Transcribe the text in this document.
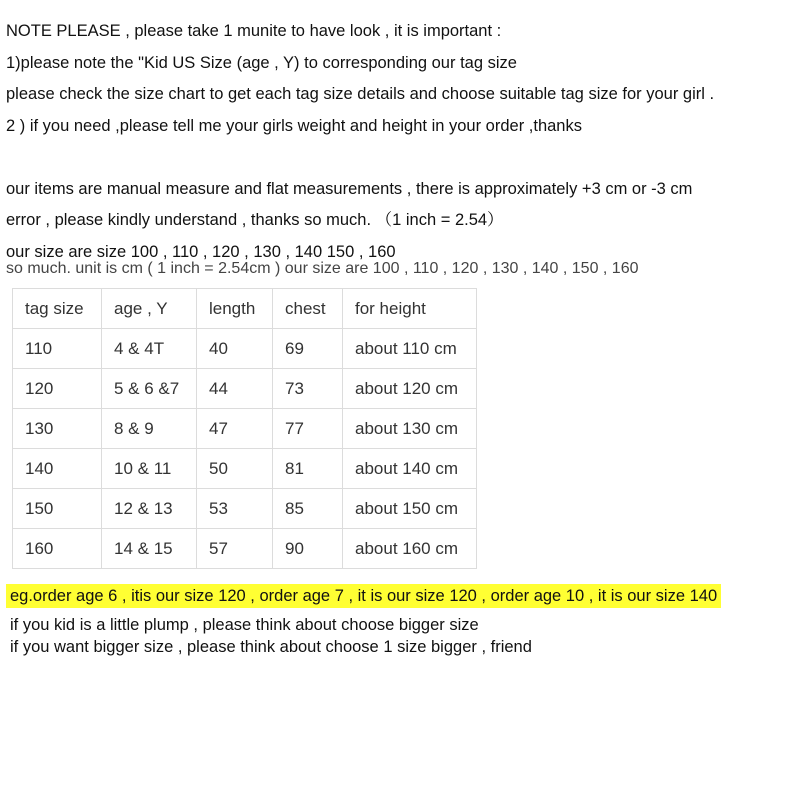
NOTE PLEASE , please take 1 munite to have look , it is important :
1)please note the "Kid US Size (age , Y) to corresponding our tag size
please check the size chart to get each tag size details and choose suitable tag size for your girl .
2 ) if you need ,please tell me your girls weight and height in your order ,thanks
our items are manual measure and flat measurements , there is approximately +3 cm or -3 cm
error , please kindly understand , thanks so much. （1 inch = 2.54）
our size are size 100 , 110 , 120 , 130 , 140 150 , 160
so much. unit is cm ( 1 inch = 2.54cm ) our size are 100 , 110 , 120 , 130 , 140 , 150 , 160
tag size	age , Y	length	chest	for height
110	4 & 4T	40	69	about 110 cm
120	5 & 6 &7	44	73	about 120 cm
130	8 & 9	47	77	about 130 cm
140	10 & 11	50	81	about 140 cm
150	12 & 13	53	85	about 150 cm
160	14 & 15	57	90	about 160 cm
eg.order age 6 , itis our size 120 , order age 7 , it is our size 120 , order age 10 , it is our size 140
if you kid is a little plump , please think about choose bigger size
if you want bigger size , please think about choose 1 size bigger , friend
